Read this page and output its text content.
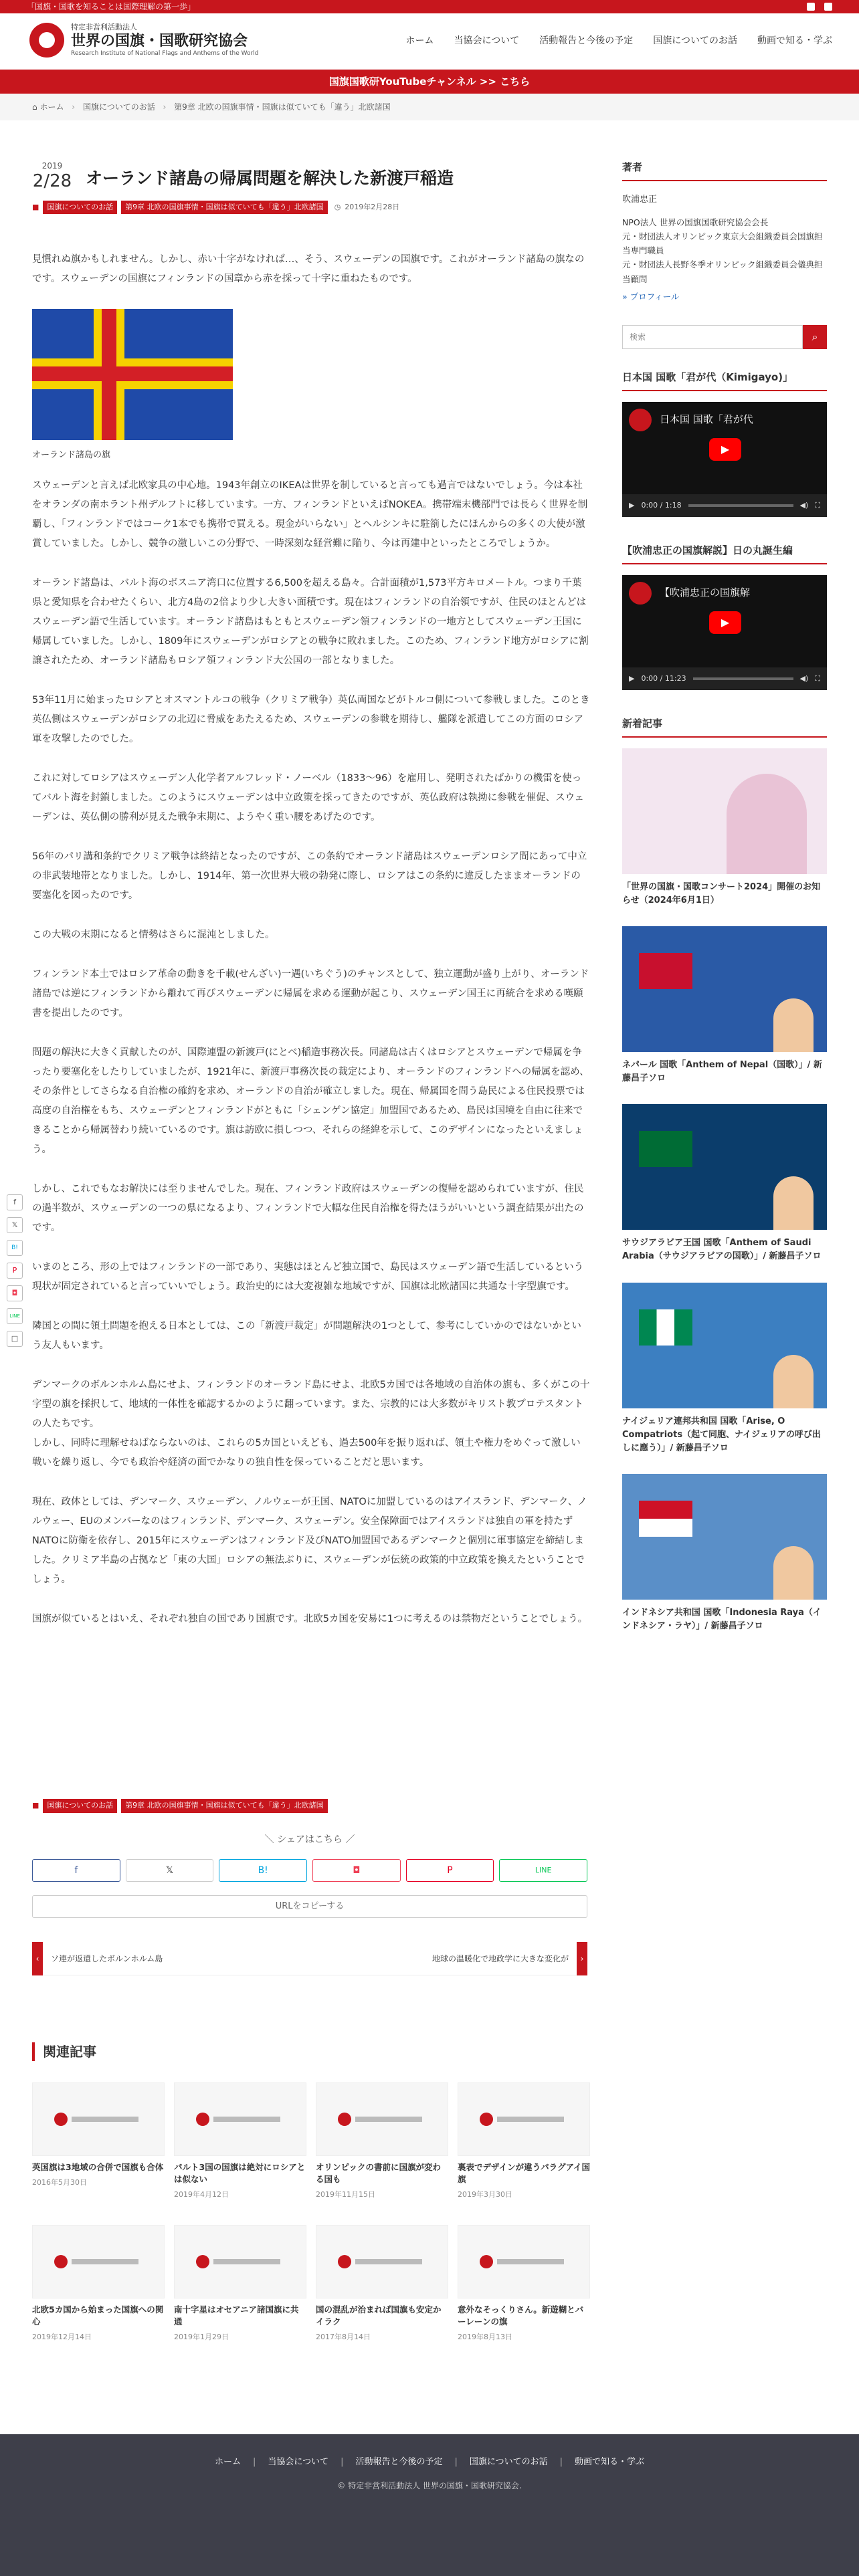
「国旗・国歌を知ることは国際理解の第一歩」
特定非営利活動法人
世界の国旗・国歌研究協会
Research Institute of National Flags and Anthems of the World
ホーム 当協会について 活動報告と今後の予定 国旗についてのお話 動画で知る・学ぶ
国旗国歌研YouTubeチャンネル >> こちら
⌂ ホーム › 国旗についてのお話 › 第9章 北欧の国旗事情・国旗は似ていても「違う」北欧諸国
2019
2/28 オーランド諸島の帰属問題を解決した新渡戸稲造
■	国旗についてのお話	第9章 北欧の国旗事情・国旗は似ていても「違う」北欧諸国	◷ 2019年2月28日

見慣れぬ旗かもしれません。しかし、赤い十字がなければ…、そう、スウェーデンの国旗です。これがオーランド諸島の旗なのです。スウェーデンの国旗にフィンランドの国章から赤を採って十字に重ねたものです。

オーランド諸島の旗

スウェーデンと言えば北欧家具の中心地。1943年創立のIKEAは世界を制していると言っても過言ではないでしょう。今は本社をオランダの南ホラント州デルフトに移しています。一方、フィンランドといえばNOKEA。携帯端末機部門では長らく世界を制覇し、「フィンランドではコーク1本でも携帯で買える。現金がいらない」とヘルシンキに駐箚したにほんからの多くの大使が激賞していました。しかし、競争の激しいこの分野で、一時深刻な経営難に陥り、今は再建中といったところでしょうか。

オーランド諸島は、バルト海のボスニア湾口に位置する6,500を超える島々。合計面積が1,573平方キロメートル。つまり千葉県と愛知県を合わせたくらい、北方4島の2倍より少し大きい面積です。現在はフィンランドの自治領ですが、住民のほとんどはスウェーデン語で生活しています。オーランド諸島はもともとスウェーデン領フィンランドの一地方としてスウェーデン王国に帰属していました。しかし、1809年にスウェーデンがロシアとの戦争に敗れました。このため、フィンランド地方がロシアに割譲されたため、オーランド諸島もロシア領フィンランド大公国の一部となりました。

53年11月に始まったロシアとオスマントルコの戦争（クリミア戦争）英仏両国などがトルコ側について参戦しました。このとき英仏側はスウェーデンがロシアの北辺に脅威をあたえるため、スウェーデンの参戦を期待し、艦隊を派遣してこの方面のロシア軍を攻撃したのでした。

これに対してロシアはスウェーデン人化学者アルフレッド・ノーベル（1833〜96）を雇用し、発明されたばかりの機雷を使ってバルト海を封鎖しました。このようにスウェーデンは中立政策を採ってきたのですが、英仏政府は執拗に参戦を催促、スウェーデンは、英仏側の勝利が見えた戦争末期に、ようやく重い腰をあげたのです。

56年のパリ講和条約でクリミア戦争は終結となったのですが、この条約でオーランド諸島はスウェーデンロシア間にあって中立の非武装地帯となりました。しかし、1914年、第一次世界大戦の勃発に際し、ロシアはこの条約に違反したままオーランドの要塞化を図ったのです。

この大戦の末期になると情勢はさらに混沌としました。

フィンランド本土ではロシア革命の動きを千載(せんざい)一遇(いちぐう)のチャンスとして、独立運動が盛り上がり、オーランド諸島では逆にフィンランドから離れて再びスウェーデンに帰属を求める運動が起こり、スウェーデン国王に再統合を求める嘆願書を提出したのです。

問題の解決に大きく貢献したのが、国際連盟の新渡戸(にとべ)稲造事務次長。同諸島は古くはロシアとスウェーデンで帰属を争ったり要塞化をしたりしていましたが、1921年に、新渡戸事務次長の裁定により、オーランドのフィンランドへの帰属を認め、その条件としてさらなる自治権の確約を求め、オーランドの自治が確立しました。現在、帰属国を問う島民による住民投票では高度の自治権をもち、スウェーデンとフィンランドがともに「シェンゲン協定」加盟国であるため、島民は国境を自由に往来できることから帰属替わり続いているのです。旗は訪欧に損しつつ、それらの経緯を示して、このデザインになったといえましょう。

しかし、これでもなお解決には至りませんでした。現在、フィンランド政府はスウェーデンの復帰を認められていますが、住民の過半数が、スウェーデンの一つの県になるより、フィンランドで大幅な住民自治権を得たほうがいいという調査結果が出たのです。

いまのところ、形の上ではフィンランドの一部であり、実態はほとんど独立国で、島民はスウェーデン語で生活しているという現状が固定されていると言っていいでしょう。政治史的には大変複雑な地域ですが、国旗は北欧諸国に共通な十字型旗です。

隣国との間に領土問題を抱える日本としては、この「新渡戸裁定」が問題解決の1つとして、参考にしていかのではないかという友人もいます。

デンマークのボルンホルム島にせよ、フィンランドのオーランド島にせよ、北欧5カ国では各地域の自治体の旗も、多くがこの十字型の旗を採択して、地域的一体性を確認するかのように翻っています。また、宗教的には大多数がキリスト教プロテスタントの人たちです。
しかし、同時に理解せねばならないのは、これらの5カ国といえども、過去500年を振り返れば、領土や権力をめぐって激しい戦いを繰り返し、今でも政治や経済の面でかなりの独自性を保っていることだと思います。

現在、政体としては、デンマーク、スウェーデン、ノルウェーが王国、NATOに加盟しているのはアイスランド、デンマーク、ノルウェー、EUのメンバーなのはフィンランド、デンマーク、スウェーデン。安全保障面ではアイスランドは独自の軍を持たずNATOに防衛を依存し、2015年にスウェーデンはフィンランド及びNATO加盟国であるデンマークと個別に軍事協定を締結しました。クリミア半島の占拠など「東の大国」ロシアの無法ぶりに、スウェーデンが伝統の政策的中立政策を換えたということでしょう。

国旗が似ているとはいえ、それぞれ独自の国であり国旗です。北欧5カ国を安易に1つに考えるのは禁物だということでしょう。

f
𝕏
B!
P
◘
LINE
□
■	国旗についてのお話	第9章 北欧の国旗事情・国旗は似ていても「違う」北欧諸国
＼ シェアはこちら ／
f	𝕏	B!	◘	P	LINE
URLをコピーする
‹	ソ連が返還したボルンホルム島	地球の温暖化で地政学に大きな変化が	›
関連記事
英国旗は3地域の合併で国旗も合体
2016年5月30日
パルト3国の国旗は絶対にロシアとは似ない
2019年4月12日
オリンピックの書前に国旗が変わる国も
2019年11月15日
裏表でデザインが違うパラグアイ国旗
2019年3月30日
北欧5カ国から始まった国旗への関心
2019年12月14日
南十字星はオセアニア諸国旗に共通
2019年1月29日
国の混乱が治まれば国旗も安定かイラク
2017年8月14日
意外なそっくりさん。新遊糊とバーレーンの旗
2019年8月13日
著者
吹浦忠正
NPO法人 世界の国旗国歌研究協会会長
元・財団法人オリンピック東京大会組織委員会国旗担当専門職員
元・財団法人長野冬季オリンピック組織委員会儀典担当顧問
» プロフィール
検索
⌕
日本国 国歌「君が代（Kimigayo)」
日本国 国歌「君が代
▶
▶ 0:00 / 1:18	◀) ⛶
【吹浦忠正の国旗解説】日の丸誕生編
【吹浦忠正の国旗解
▶
▶ 0:00 / 11:23	◀) ⛶
新着記事
「世界の国旗・国歌コンサート2024」開催のお知らせ（2024年6月1日）
ネパール 国歌「Anthem of Nepal（国歌）」/ 新藤昌子ソロ
サウジアラビア王国 国歌「Anthem of Saudi Arabia（サウジアラビアの国歌）」/ 新藤昌子ソロ
ナイジェリア連邦共和国 国歌「Arise, O Compatriots（起て同胞、ナイジェリアの呼び出しに應う）」/ 新藤昌子ソロ
インドネシア共和国 国歌「Indonesia Raya（インドネシア・ラヤ）」/ 新藤昌子ソロ
ホーム | 当協会について | 活動報告と今後の予定 | 国旗についてのお話 | 動画で知る・学ぶ
© 特定非営利活動法人 世界の国旗・国歌研究協会.
